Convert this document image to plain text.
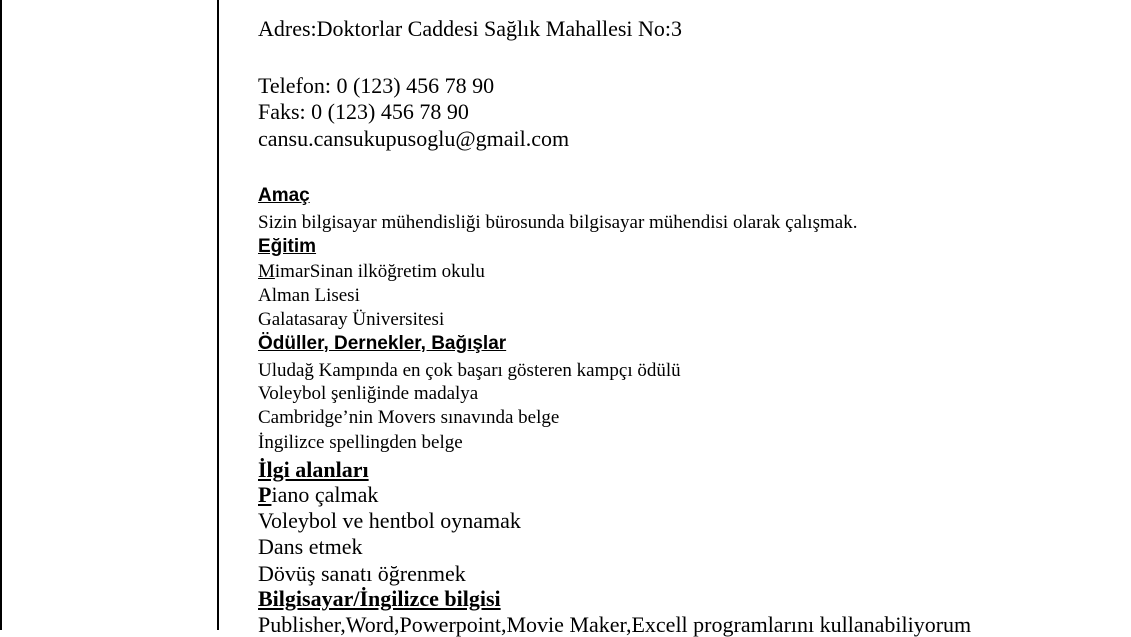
Adres:Doktorlar Caddesi Sağlık Mahallesi No:3
Telefon: 0 (123) 456 78 90
Faks: 0 (123) 456 78 90
cansu.cansukupusoglu@gmail.com
Amaç
Sizin bilgisayar mühendisliği bürosunda bilgisayar mühendisi olarak çalışmak.
Eğitim
MimarSinan ilköğretim okulu
Alman Lisesi
Galatasaray Üniversitesi
Ödüller, Dernekler, Bağışlar
Uludağ Kampında en çok başarı gösteren kampçı ödülü
Voleybol şenliğinde madalya
Cambridge’nin Movers sınavında belge
İngilizce spellingden belge
İlgi alanları
Piano çalmak
Voleybol ve hentbol oynamak
Dans etmek
Dövüş sanatı öğrenmek
Bilgisayar/İngilizce bilgisi
Publisher,Word,Powerpoint,Movie Maker,Excell programlarını kullanabiliyorum
